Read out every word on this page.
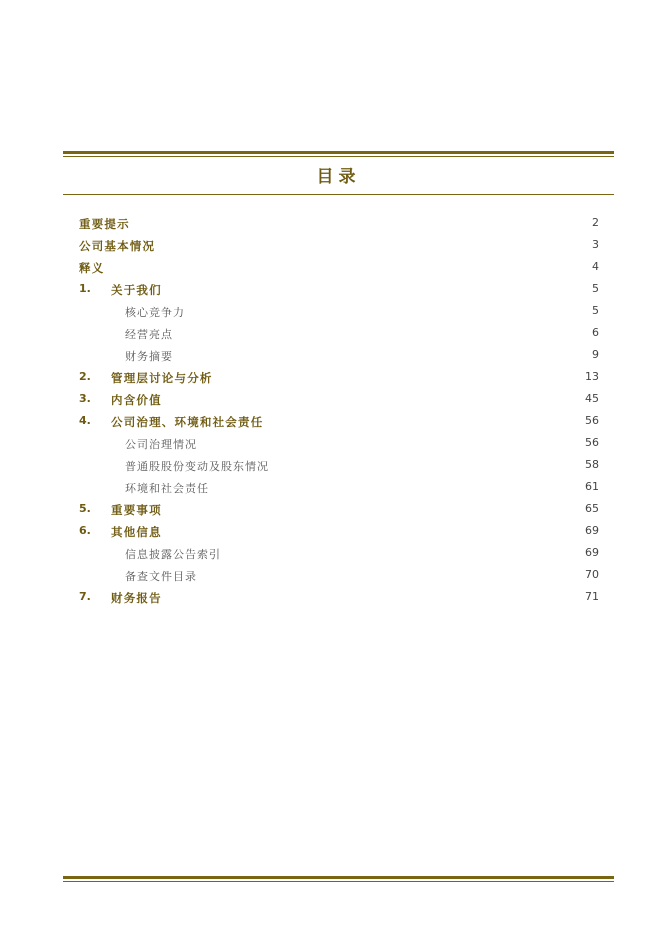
目录
重要提示	2
公司基本情况	3
释义	4
1. 关于我们	5
核心竞争力	5
经营亮点	6
财务摘要	9
2. 管理层讨论与分析	13
3. 内含价值	45
4. 公司治理、环境和社会责任	56
公司治理情况	56
普通股股份变动及股东情况	58
环境和社会责任	61
5. 重要事项	65
6. 其他信息	69
信息披露公告索引	69
备查文件目录	70
7. 财务报告	71
